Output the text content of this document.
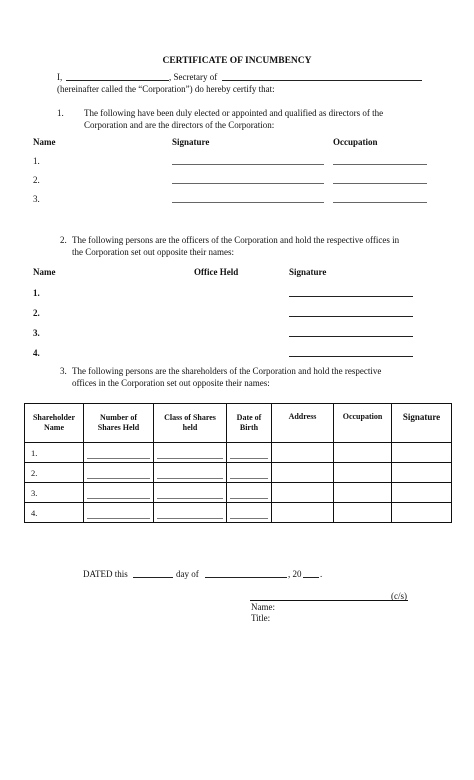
CERTIFICATE OF INCUMBENCY
I,	, Secretary of
(hereinafter called the “Corporation”) do hereby certify that:
1. The following have been duly elected or appointed and qualified as directors of the
Corporation and are the directors of the Corporation:
Name	Signature	Occupation
1.
2.
3.
2. The following persons are the officers of the Corporation and hold the respective offices in
the Corporation set out opposite their names:
Name	Office Held	Signature
1.
2.
3.
4.
3. The following persons are the shareholders of the Corporation and hold the respective
offices in the Corporation set out opposite their names:
Shareholder
Name	Number of
Shares Held	Class of Shares
held	Date of
Birth	Address	Occupation	Signature
1.	

2.	

3.	

4.	

DATED this	day of	, 20 .
(c/s)
Name:
Title:
